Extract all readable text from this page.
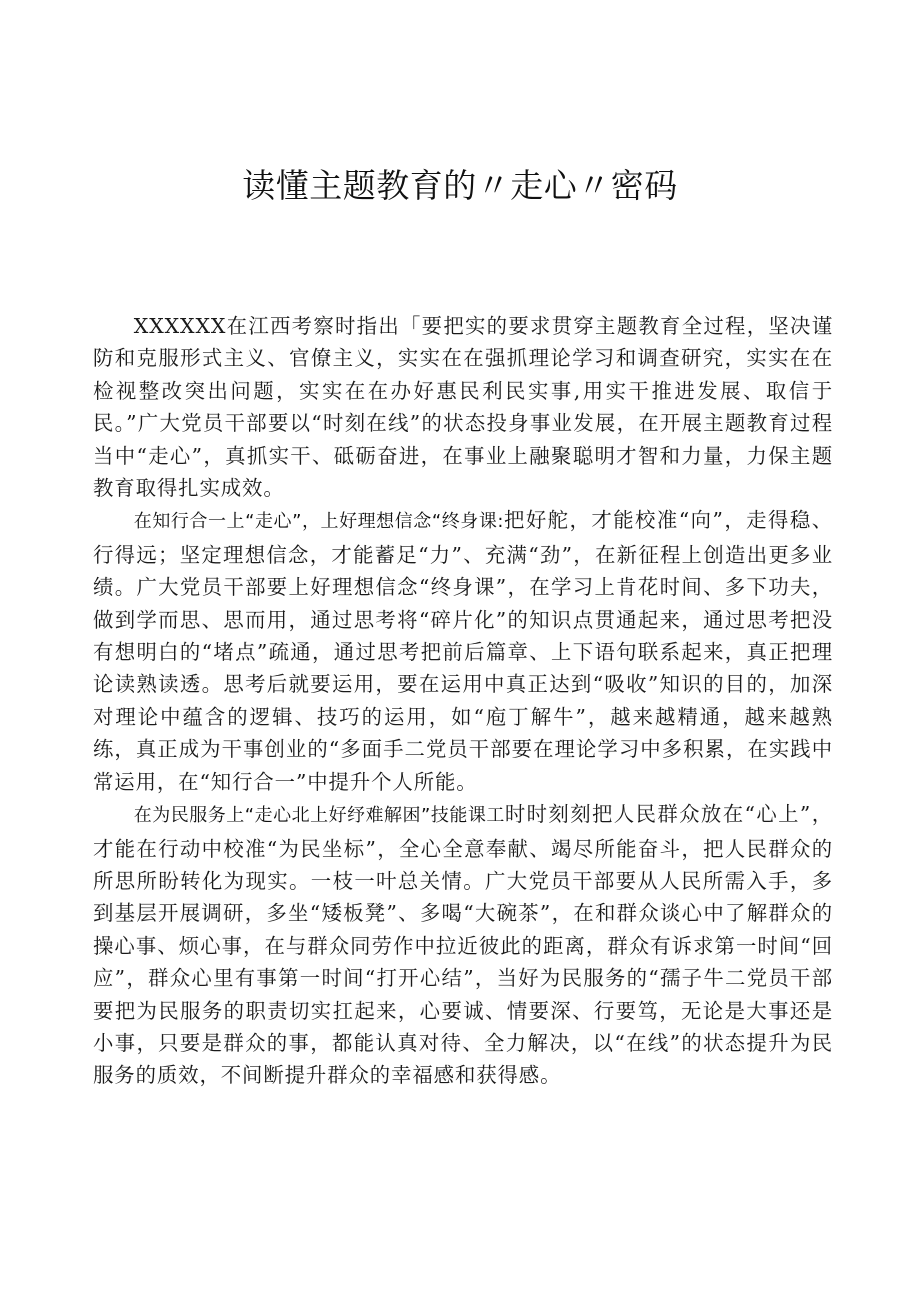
读懂主题教育的〃走心〃密码

XXXXXX在江西考察时指出「要把实的要求贯穿主题教育全过程，坚决谨防和克服形式主义、官僚主义，实实在在强抓理论学习和调查研究，实实在在检视整改突出问题，实实在在办好惠民利民实事,用实干推进发展、取信于民。”广大党员干部要以“时刻在线”的状态投身事业发展，在开展主题教育过程当中“走心”，真抓实干、砥砺奋进，在事业上融聚聪明才智和力量，力保主题教育取得扎实成效。

在知行合一上“走心”，上好理想信念“终身课:把好舵，才能校准“向”，走得稳、行得远；坚定理想信念，才能蓄足“力”、充满“劲”，在新征程上创造出更多业绩。广大党员干部要上好理想信念“终身课”，在学习上肯花时间、多下功夫，做到学而思、思而用，通过思考将“碎片化”的知识点贯通起来，通过思考把没有想明白的“堵点”疏通，通过思考把前后篇章、上下语句联系起来，真正把理论读熟读透。思考后就要运用，要在运用中真正达到“吸收”知识的目的，加深对理论中蕴含的逻辑、技巧的运用，如“庖丁解牛”，越来越精通，越来越熟练，真正成为干事创业的“多面手二党员干部要在理论学习中多积累，在实践中常运用，在“知行合一”中提升个人所能。

在为民服务上“走心北上好纾难解困”技能课工时时刻刻把人民群众放在“心上”，才能在行动中校准“为民坐标”，全心全意奉献、竭尽所能奋斗，把人民群众的所思所盼转化为现实。一枝一叶总关情。广大党员干部要从人民所需入手，多到基层开展调研，多坐“矮板凳”、多喝“大碗茶”，在和群众谈心中了解群众的操心事、烦心事，在与群众同劳作中拉近彼此的距离，群众有诉求第一时间“回应”，群众心里有事第一时间“打开心结”，当好为民服务的“孺子牛二党员干部要把为民服务的职责切实扛起来，心要诚、情要深、行要笃，无论是大事还是小事，只要是群众的事，都能认真对待、全力解决，以“在线”的状态提升为民服务的质效，不间断提升群众的幸福感和获得感。
